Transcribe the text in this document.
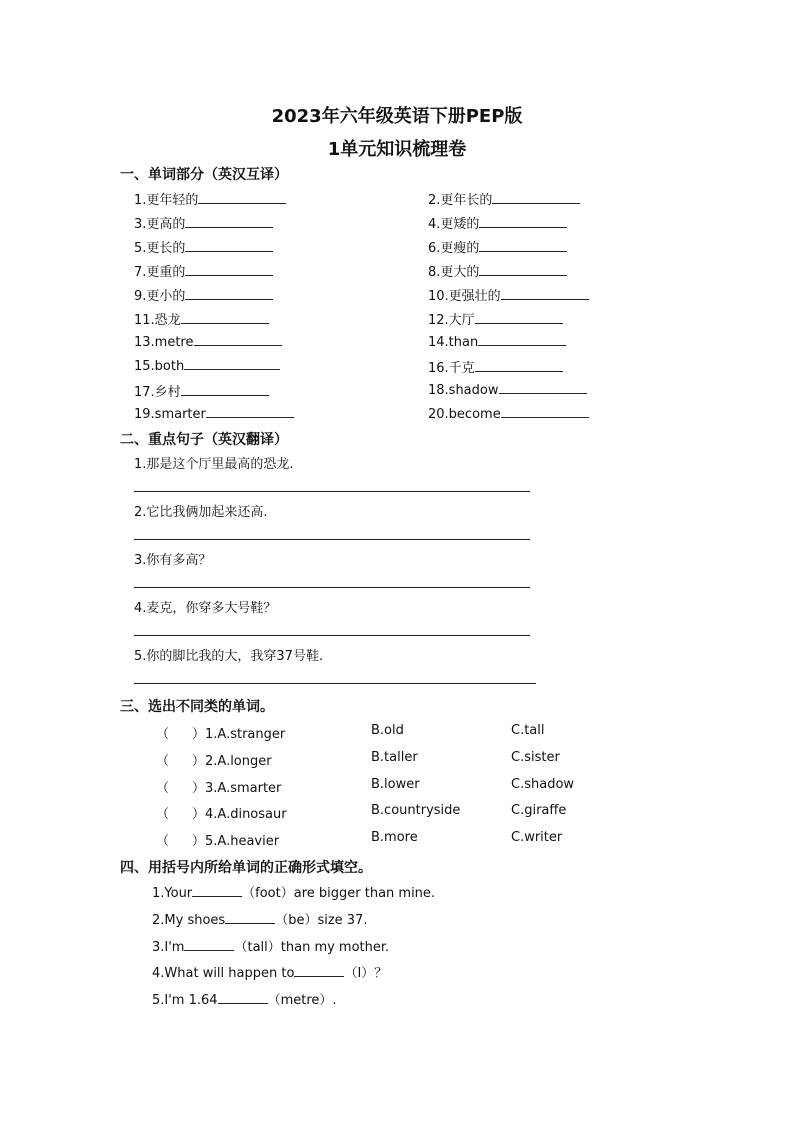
2023年六年级英语下册PEP版
1单元知识梳理卷
一、单词部分（英汉互译）
1.更年轻的	2.更年长的
3.更高的	4.更矮的
5.更长的	6.更瘦的
7.更重的	8.更大的
9.更小的	10.更强壮的
11.恐龙	12.大厅
13.metre	14.than
15.both	16.千克
17.乡村	18.shadow
19.smarter	20.become
二、重点句子（英汉翻译）
1.那是这个厅里最高的恐龙.
2.它比我俩加起来还高.
3.你有多高？
4.麦克，你穿多大号鞋？
5.你的脚比我的大，我穿37号鞋.
三、选出不同类的单词。
（ ）1.A.stranger	B.old	C.tall
（ ）2.A.longer	B.taller	C.sister
（ ）3.A.smarter	B.lower	C.shadow
（ ）4.A.dinosaur	B.countryside	C.giraffe
（ ）5.A.heavier	B.more	C.writer
四、用括号内所给单词的正确形式填空。
1.Your	（foot）are bigger than mine.
2.My shoes	（be）size 37.
3.I'm	（tall）than my mother.
4.What will happen to	（I）？
5.I'm 1.64	（metre）.
